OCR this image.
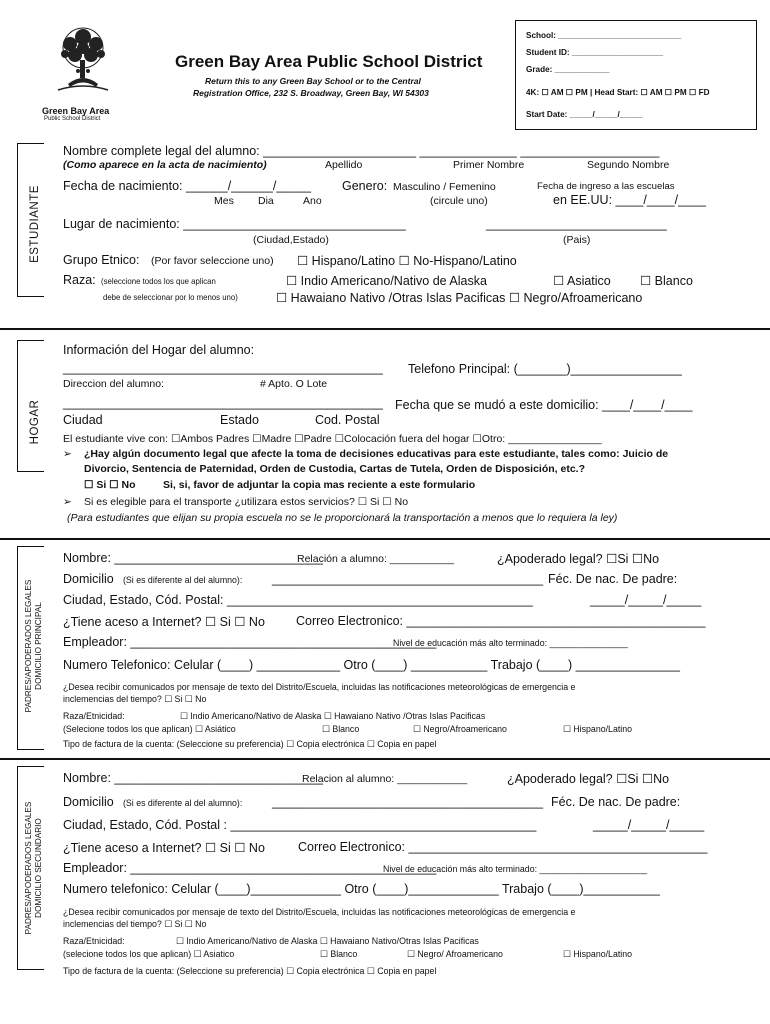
Green Bay Area
Public School District
Green Bay Area Public School District
Return this to any Green Bay School or to the Central
Registration Office, 232 S. Broadway, Green Bay, WI 54303
School: ___________________________
Student ID: ____________________
Grade: ____________
4K: ☐ AM ☐ PM | Head Start: ☐ AM ☐ PM ☐ FD
Start Date: _____/_____/_____
ESTUDIANTE
Nombre complete legal del alumno: ______________________ ______________ ____________________
(Como aparece en la acta de nacimiento)	Apellido	Primer Nombre	Segundo Nombre
Fecha de nacimiento: ______/______/_____ Genero: Masculino / Femenino	Fecha de ingreso a las escuelas
Mes Dia	Ano	(circule uno)	en EE.UU: ____/____/____
Lugar de nacimiento: ________________________________	__________________________
(Ciudad,Estado)	(Pais)
Grupo Etnico: (Por favor seleccione uno) ☐ Hispano/Latino ☐ No-Hispano/Latino
Raza: (seleccione todos los que aplican	☐ Indio Americano/Nativo de Alaska	☐ Asiatico ☐ Blanco
debe de seleccionar por lo menos uno)	☐ Hawaiano Nativo /Otras Islas Pacificas ☐ Negro/Afroamericano
HOGAR
Información del Hogar del alumno:
______________________________________________ Telefono Principal: (_______)________________
Direccion del alumno:	# Apto. O Lote
______________________________________________ Fecha que se mudó a este domicilio: ____/____/____
Ciudad	Estado	Cod. Postal
El estudiante vive con: ☐Ambos Padres ☐Madre ☐Padre ☐Colocación fuera del hogar ☐Otro: ________________
➢ ¿Hay algún documento legal que afecte la toma de decisiones educativas para este estudiante, tales como: Juicio de
Divorcio, Sentencia de Paternidad, Orden de Custodia, Cartas de Tutela, Orden de Disposición, etc.?
☐ Si ☐ No	Si, si, favor de adjuntar la copia mas reciente a este formulario
➢ Si es elegible para el transporte ¿utilizara estos servicios? ☐ Si ☐ No
(Para estudiantes que elijan su propia escuela no se le proporcionará la transportación a menos que lo requiera la ley)
PADRES/APODERADOS LEGALES DOMICILIO PRINCIPAL
Nombre: ______________________________
Relación a alumno: ___________	¿Apoderado legal? ☐Si ☐No
Domicilio (Si es diferente al del alumno): _______________________________________ Féc. De nac. De padre:
Ciudad, Estado, Cód. Postal: ____________________________________________	_____/_____/_____
¿Tiene aceso a Internet? ☐ Si ☐ No Correo Electronico: ___________________________________________
Empleador: ____________________________________________
Nivel de educación más alto terminado: ________________
Numero Telefonico: Celular (____) ____________ Otro (____) ___________ Trabajo (____) _______________
¿Desea recibir comunicados por mensaje de texto del Distrito/Escuela, incluidas las notificaciones meteorológicas de emergencia e
inclemencias del tiempo? ☐ Si ☐ No
Raza/Etnicidad:	☐ Indio Americano/Nativo de Alaska ☐ Hawaiano Nativo /Otras Islas Pacificas
(Selecione todos los que aplican) ☐ Asiático	☐ Blanco	☐ Negro/Afroamericano	☐ Hispano/Latino
Tipo de factura de la cuenta: (Seleccione su preferencia) ☐ Copia electrónica ☐ Copia en papel
PADRES/APODERADOS LEGALES DOMICILIO SECUNDARIO
Nombre: ______________________________
Relacion al alumno: ____________	¿Apoderado legal? ☐Si ☐No
Domicilio (Si es diferente al del alumno): _______________________________________ Féc. De nac. De padre:
Ciudad, Estado, Cód. Postal : ____________________________________________	_____/_____/_____
¿Tiene aceso a Internet? ☐ Si ☐ No	Correo Electronico: ___________________________________________
Empleador: ____________________________________________
Nivel de educación más alto terminado: ______________________
Numero telefonico: Celular (____)_____________ Otro (____)_____________ Trabajo (____)___________
¿Desea recibir comunicados por mensaje de texto del Distrito/Escuela, incluidas las notificaciones meteorológicas de emergencia e
inclemencias del tiempo? ☐ Si ☐ No
Raza/Etnicidad:	☐ Indio Americano/Nativo de Alaska ☐ Hawaiano Nativo/Otras Islas Pacificas
(selecione todos los que aplican) ☐ Asiatico	☐ Blanco	☐ Negro/ Afroamericano	☐ Hispano/Latino
Tipo de factura de la cuenta: (Seleccione su preferencia) ☐ Copia electrónica ☐ Copia en papel
